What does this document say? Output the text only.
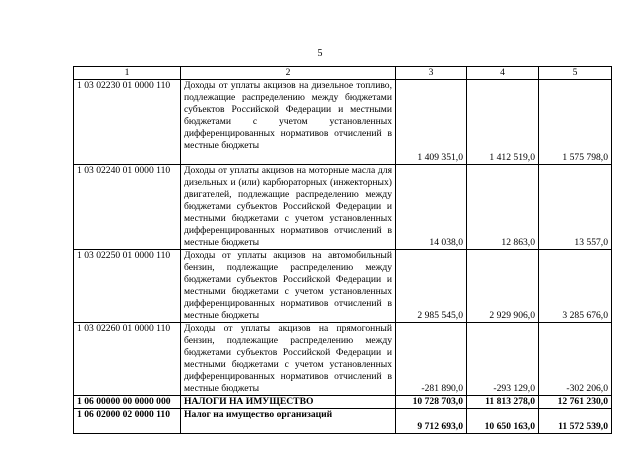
5
1	2	3	4	5
1 03 02230 01 0000 110	Доходы от уплаты акцизов на дизельное топливо, подлежащие распределению между бюджетами субъектов Российской Федерации и местными бюджетами с учетом установленных дифференцированных нормативов отчислений в местные бюджеты	1 409 351,0	1 412 519,0	1 575 798,0
1 03 02240 01 0000 110	Доходы от уплаты акцизов на моторные масла для дизельных и (или) карбюраторных (инжекторных) двигателей, подлежащие распределению между бюджетами субъектов Российской Федерации и местными бюджетами с учетом установленных дифференцированных нормативов отчислений в местные бюджеты	14 038,0	12 863,0	13 557,0
1 03 02250 01 0000 110	Доходы от уплаты акцизов на автомобильный бензин, подлежащие распределению между бюджетами субъектов Российской Федерации и местными бюджетами с учетом установленных дифференцированных нормативов отчислений в местные бюджеты	2 985 545,0	2 929 906,0	3 285 676,0
1 03 02260 01 0000 110	Доходы от уплаты акцизов на прямогонный бензин, подлежащие распределению между бюджетами субъектов Российской Федерации и местными бюджетами с учетом установленных дифференцированных нормативов отчислений в местные бюджеты	-281 890,0	-293 129,0	-302 206,0
1 06 00000 00 0000 000	НАЛОГИ НА ИМУЩЕСТВО	10 728 703,0	11 813 278,0	12 761 230,0
1 06 02000 02 0000 110	Налог на имущество организаций	9 712 693,0	10 650 163,0	11 572 539,0
